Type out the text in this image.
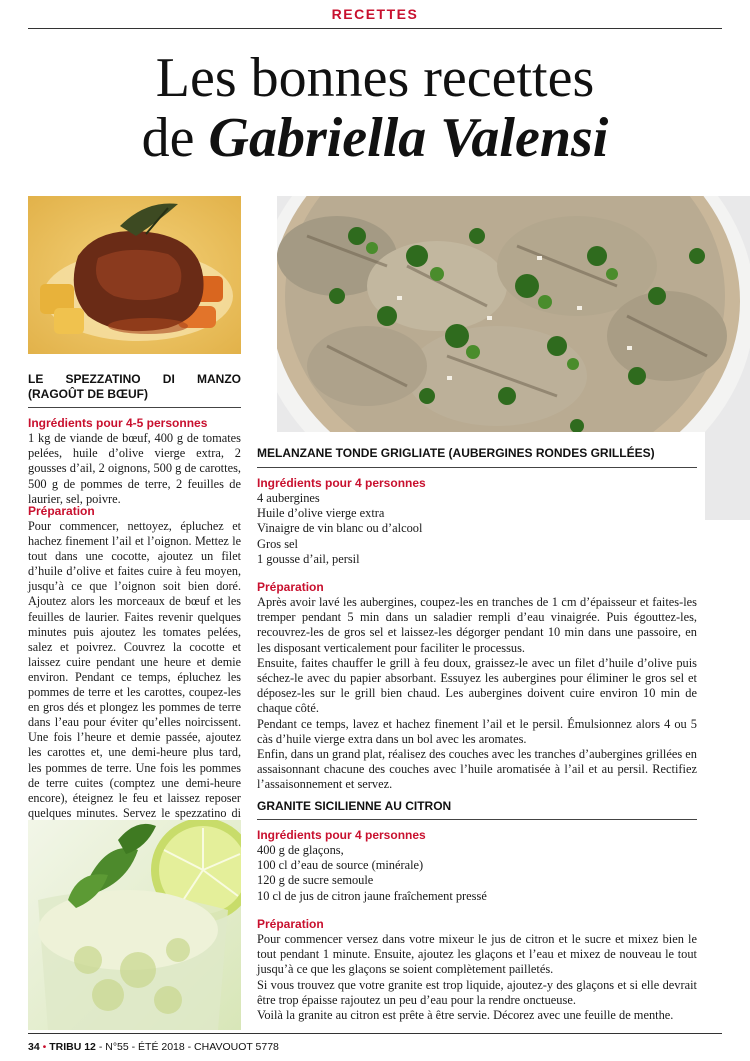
RECETTES
Les bonnes recettes
de Gabriella Valensi
LE SPEZZATINO DI MANZO
(RAGOÛT DE BŒUF)
Ingrédients pour 4-5 personnes
1 kg de viande de bœuf, 400 g de tomates pelées, huile d’olive vierge extra, 2 gousses d’ail, 2 oignons, 500 g de carottes, 500 g de pommes de terre, 2 feuilles de laurier, sel, poivre.
Préparation
Pour commencer, nettoyez, épluchez et hachez finement l’ail et l’oignon. Mettez le tout dans une cocotte, ajoutez un filet d’huile d’olive et faites cuire à feu moyen, jusqu’à ce que l’oignon soit bien doré. Ajoutez alors les morceaux de bœuf et les feuilles de laurier. Faites revenir quelques minutes puis ajoutez les tomates pelées, salez et poivrez. Couvrez la cocotte et laissez cuire pendant une heure et demie environ. Pendant ce temps, épluchez les pommes de terre et les carottes, coupez-les en gros dés et plongez les pommes de terre dans l’eau pour éviter qu’elles noircissent. Une fois l’heure et demie passée, ajoutez les carottes et, une demi-heure plus tard, les pommes de terre. Une fois les pommes de terre cuites (comptez une demi-heure encore), éteignez le feu et laissez reposer quelques minutes. Servez le spezzatino di
MELANZANE TONDE GRIGLIATE (AUBERGINES RONDES GRILLÉES)
Ingrédients pour 4 personnes
4 aubergines
Huile d’olive vierge extra
Vinaigre de vin blanc ou d’alcool
Gros sel
1 gousse d’ail, persil
Préparation
Après avoir lavé les aubergines, coupez-les en tranches de 1 cm d’épaisseur et faites-les tremper pendant 5 min dans un saladier rempli d’eau vinaigrée. Puis égouttez-les, recouvrez-les de gros sel et laissez-les dégorger pendant 10 min dans une passoire, en les disposant verticalement pour faciliter le processus.
Ensuite, faites chauffer le grill à feu doux, graissez-le avec un filet d’huile d’olive puis séchez-le avec du papier absorbant. Essuyez les aubergines pour éliminer le gros sel et déposez-les sur le grill bien chaud. Les aubergines doivent cuire environ 10 min de chaque côté.
Pendant ce temps, lavez et hachez finement l’ail et le persil. Émulsionnez alors 4 ou 5 càs d’huile vierge extra dans un bol avec les aromates.
Enfin, dans un grand plat, réalisez des couches avec les tranches d’aubergines grillées en assaisonnant chacune des couches avec l’huile aromatisée à l’ail et au persil. Rectifiez l’assaisonnement et servez.
GRANITE SICILIENNE AU CITRON
Ingrédients pour 4 personnes
400 g de glaçons,
100 cl d’eau de source (minérale)
120 g de sucre semoule
10 cl de jus de citron jaune fraîchement pressé
Préparation
Pour commencer versez dans votre mixeur le jus de citron et le sucre et mixez bien le tout pendant 1 minute. Ensuite, ajoutez les glaçons et l’eau et mixez de nouveau le tout jusqu’à ce que les glaçons se soient complètement pailletés.
Si vous trouvez que votre granite est trop liquide, ajoutez-y des glaçons et si elle devrait être trop épaisse rajoutez un peu d’eau pour la rendre onctueuse.
Voilà la granite au citron est prête à être servie. Décorez avec une feuille de menthe.
34 • TRIBU 12 - N°55 - ÉTÉ 2018 - CHAVOUOT 5778
